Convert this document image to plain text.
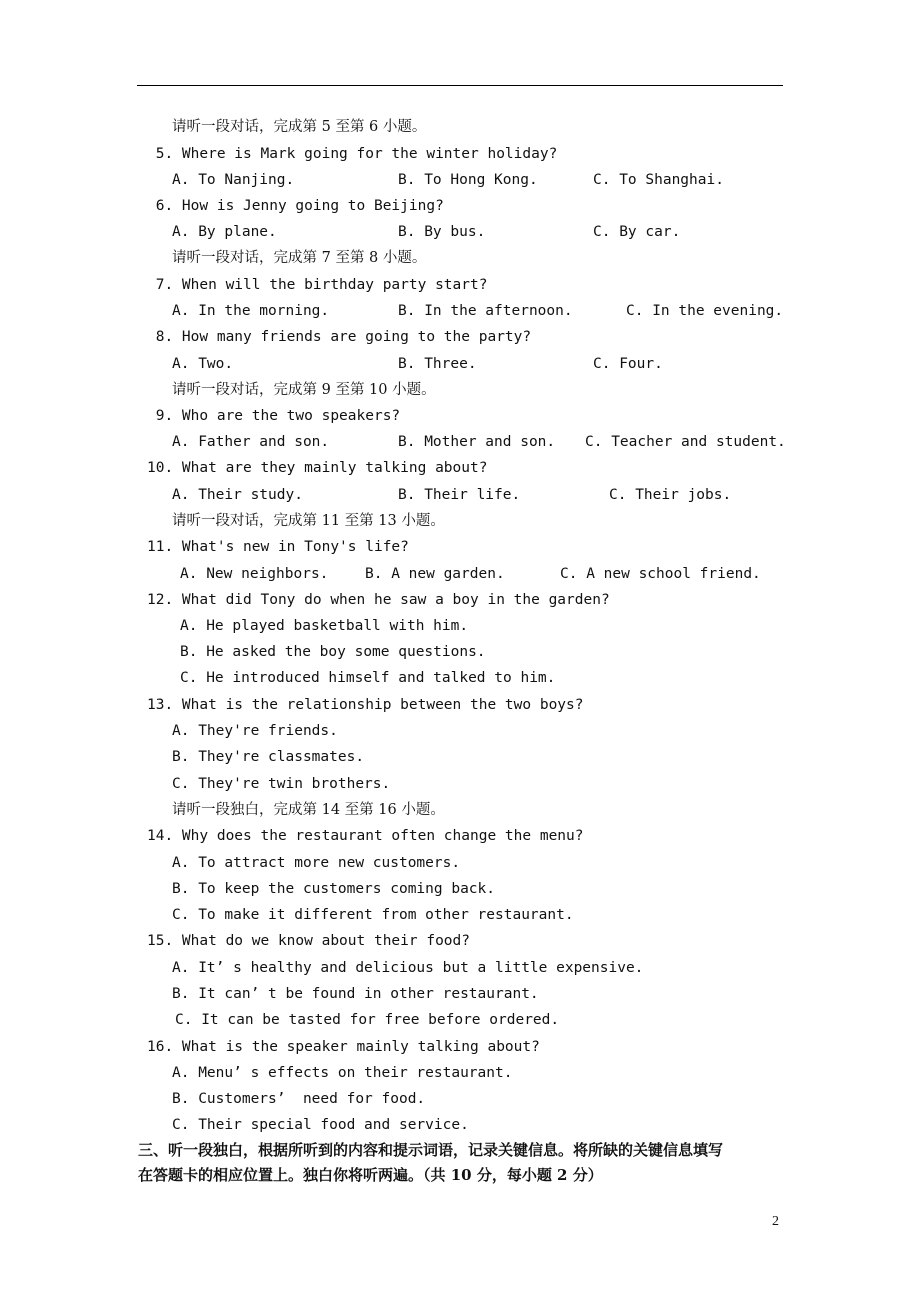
请听一段对话，完成第 5 至第 6 小题。
5. Where is Mark going for the winter holiday?
A. To Nanjing.	B. To Hong Kong.	C. To Shanghai.
6. How is Jenny going to Beijing?
A. By plane.	B. By bus.	C. By car.
请听一段对话，完成第 7 至第 8 小题。
7. When will the birthday party start?
A. In the morning.	B. In the afternoon.	C. In the evening.
8. How many friends are going to the party?
A. Two.	B. Three.	C. Four.
请听一段对话，完成第 9 至第 10 小题。
9. Who are the two speakers?
A. Father and son.	B. Mother and son. C. Teacher and student.
10. What are they mainly talking about?
A. Their study.	B. Their life.	C. Their jobs.
请听一段对话，完成第 11 至第 13 小题。
11. What's new in Tony's life?
A. New neighbors.	B. A new garden.	C. A new school friend.
12. What did Tony do when he saw a boy in the garden?
A. He played basketball with him.
B. He asked the boy some questions.
C. He introduced himself and talked to him.
13. What is the relationship between the two boys?
A. They're friends.
B. They're classmates.
C. They're twin brothers.
请听一段独白，完成第 14 至第 16 小题。
14. Why does the restaurant often change the menu?
A. To attract more new customers.
B. To keep the customers coming back.
C. To make it different from other restaurant.
15. What do we know about their food?
A. It’ s healthy and delicious but a little expensive.
B. It can’ t be found in other restaurant.
C. It can be tasted for free before ordered.
16. What is the speaker mainly talking about?
A. Menu’ s effects on their restaurant.
B. Customers’  need for food.
C. Their special food and service.
三、听一段独白，根据所听到的内容和提示词语，记录关键信息。将所缺的关键信息填写
在答题卡的相应位置上。独白你将听两遍。（共 10 分，每小题 2 分）
2
